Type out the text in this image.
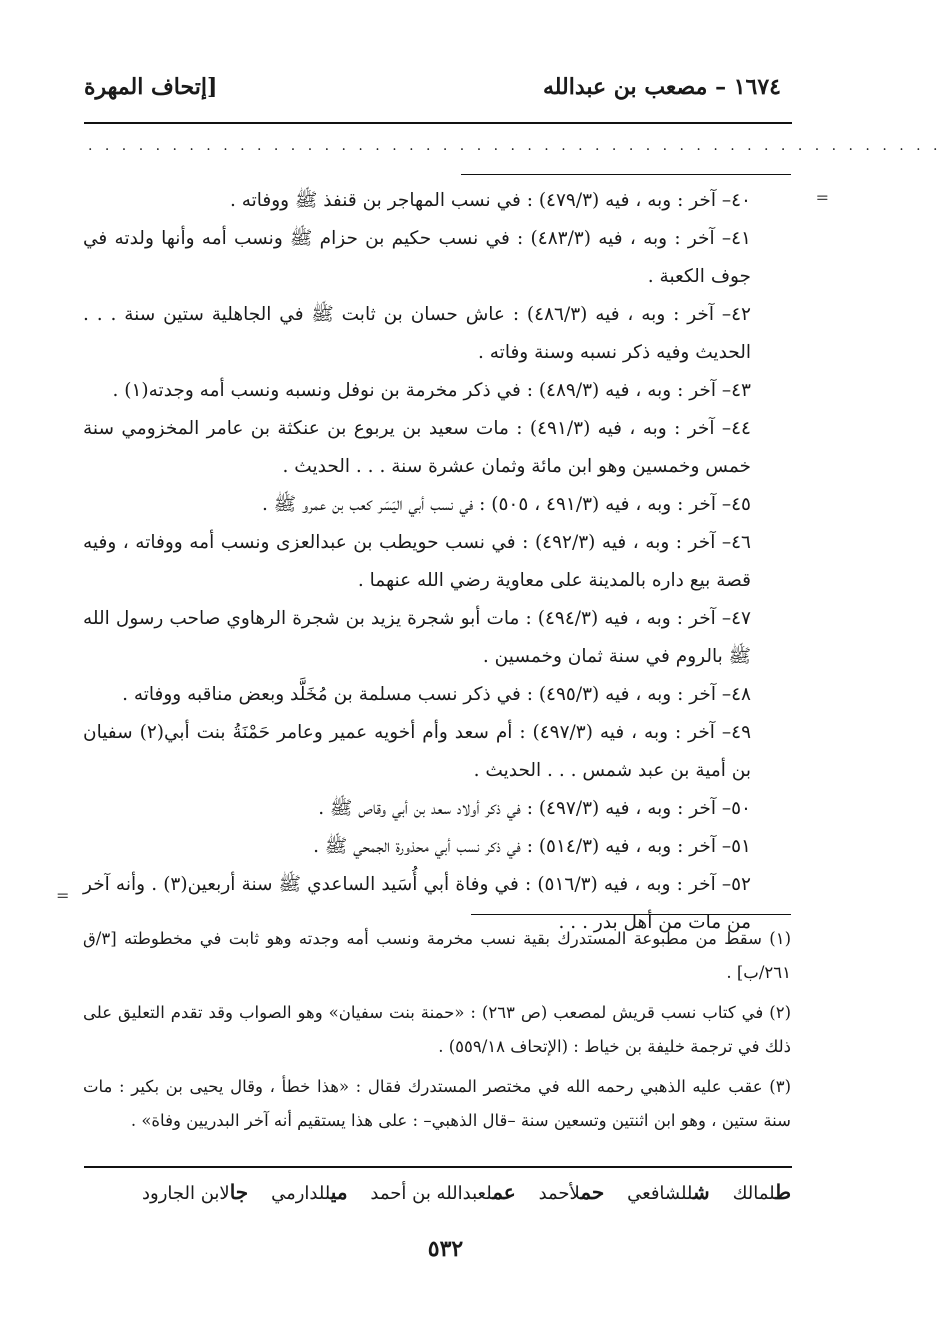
١٦٧٤ – مصعب بن عبدالله
[إتحاف المهرة
. . . . . . . . . . . . . . . . . . . . . . . . . . . . . . . . . . . . . . . . . . . . . . . . . . .
=

٤٠– آخر : وبه ، فيه (٤٧٩/٣) : في نسب المهاجر بن قنفذ ﷺ ووفاته .

٤١– آخر : وبه ، فيه (٤٨٣/٣) : في نسب حكيم بن حزام ﷺ ونسب أمه وأنها ولدته في جوف الكعبة .

٤٢– آخر : وبه ، فيه (٤٨٦/٣) : عاش حسان بن ثابت ﷺ في الجاهلية ستين سنة . . . الحديث وفيه ذكر نسبه وسنة وفاته .

٤٣– آخر : وبه ، فيه (٤٨٩/٣) : في ذكر مخرمة بن نوفل ونسبه ونسب أمه وجدته(١) .

٤٤– آخر : وبه ، فيه (٤٩١/٣) : مات سعيد بن يربوع بن عنكثة بن عامر المخزومي سنة خمس وخمسين وهو ابن مائة وثمان عشرة سنة . . . الحديث .

٤٥– آخر : وبه ، فيه (٤٩١/٣ ، ٥٠٥) : في نسب أبي اليَسَر كعب بن عمرو ﷺ .

٤٦– آخر : وبه ، فيه (٤٩٢/٣) : في نسب حويطب بن عبدالعزى ونسب أمه ووفاته ، وفيه قصة بيع داره بالمدينة على معاوية رضي الله عنهما .

٤٧– آخر : وبه ، فيه (٤٩٤/٣) : مات أبو شجرة يزيد بن شجرة الرهاوي صاحب رسول الله ﷺ بالروم في سنة ثمان وخمسين .

٤٨– آخر : وبه ، فيه (٤٩٥/٣) : في ذكر نسب مسلمة بن مُخَلَّد وبعض مناقبه ووفاته .

٤٩– آخر : وبه ، فيه (٤٩٧/٣) : أم سعد وأم أخويه عمير وعامر حَمْنَةُ بنت أبي(٢) سفيان بن أمية بن عبد شمس . . . الحديث .

٥٠– آخر : وبه ، فيه (٤٩٧/٣) : في ذكر أولاد سعد بن أبي وقاص ﷺ .

٥١– آخر : وبه ، فيه (٥١٤/٣) : في ذكر نسب أبي محذورة الجمحي ﷺ .

٥٢– آخر : وبه ، فيه (٥١٦/٣) : في وفاة أبي أُسَيد الساعدي ﷺ سنة أربعين(٣) . وأنه آخر من مات من أهل بدر . . .

=

(١) سقط من مطبوعة المستدرك بقية نسب مخرمة ونسب أمه وجدته وهو ثابت في مخطوطته [٣/ق ٢٦١/ب] .

(٢) في كتاب نسب قريش لمصعب (ص ٢٦٣) : «حمنة بنت سفيان» وهو الصواب وقد تقدم التعليق على ذلك في ترجمة خليفة بن خياط : (الإتحاف ٥٥٩/١٨) .

(٣) عقب عليه الذهبي رحمه الله في مختصر المستدرك فقال : «هذا خطأ ، وقال يحيى بن بكير : مات سنة ستين ، وهو ابن اثنتين وتسعين سنة –قال الذهبي– : على هذا يستقيم أنه آخر البدريين وفاة» .

طلمالك    شللشافعي    حملأحمد    عملعبدالله بن أحمد    ميللدارمي    جالابن الجارود
٥٣٢
